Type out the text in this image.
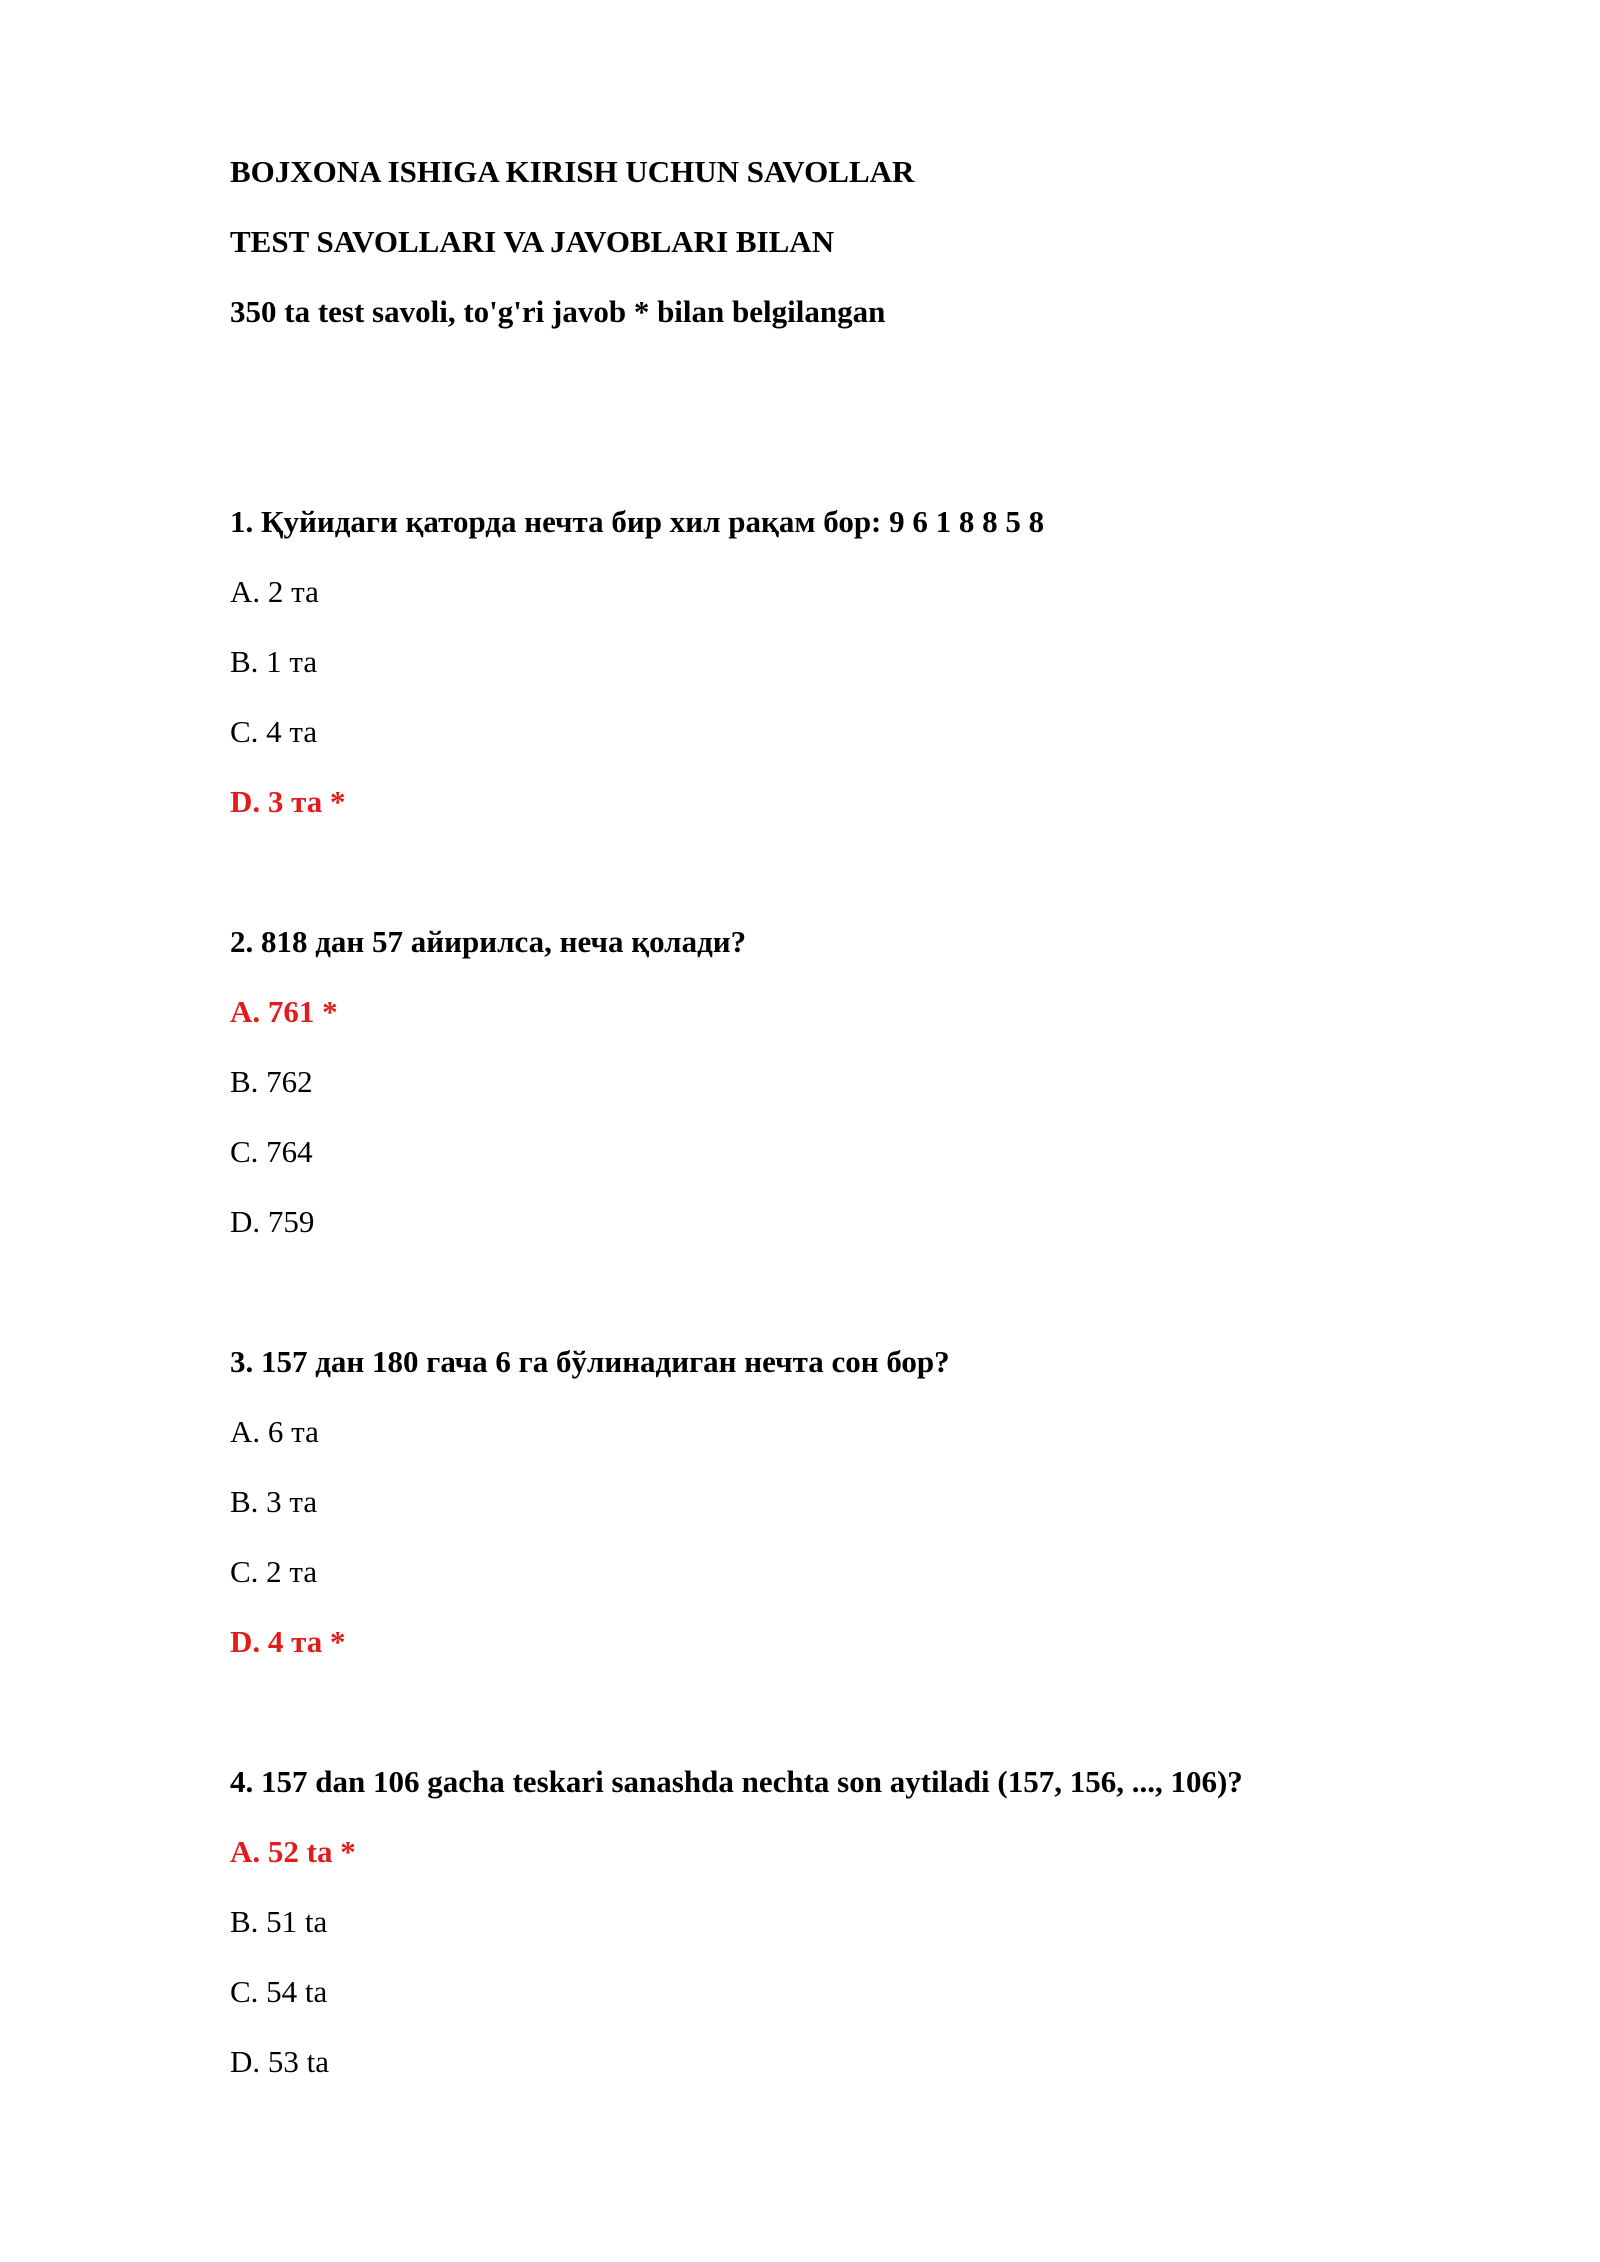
BOJXONA ISHIGA KIRISH UCHUN SAVOLLAR
TEST SAVOLLARI VA JAVOBLARI BILAN
350 ta test savoli, to'g'ri javob * bilan belgilangan
1. Қуйидаги қаторда нечта бир хил рақам бор: 9 6 1 8 8 5 8
A. 2 та
B. 1 та
C. 4 та
D. 3 та *
2. 818 дан 57 айирилса, неча қолади?
A. 761 *
B. 762
C. 764
D. 759
3. 157 дан 180 гача 6 га бўлинадиган нечта сон бор?
A. 6 та
B. 3 та
C. 2 та
D. 4 та *
4. 157 dan 106 gacha teskari sanashda nechta son aytiladi (157, 156, ..., 106)?
A. 52 ta *
B. 51 ta
C. 54 ta
D. 53 ta
